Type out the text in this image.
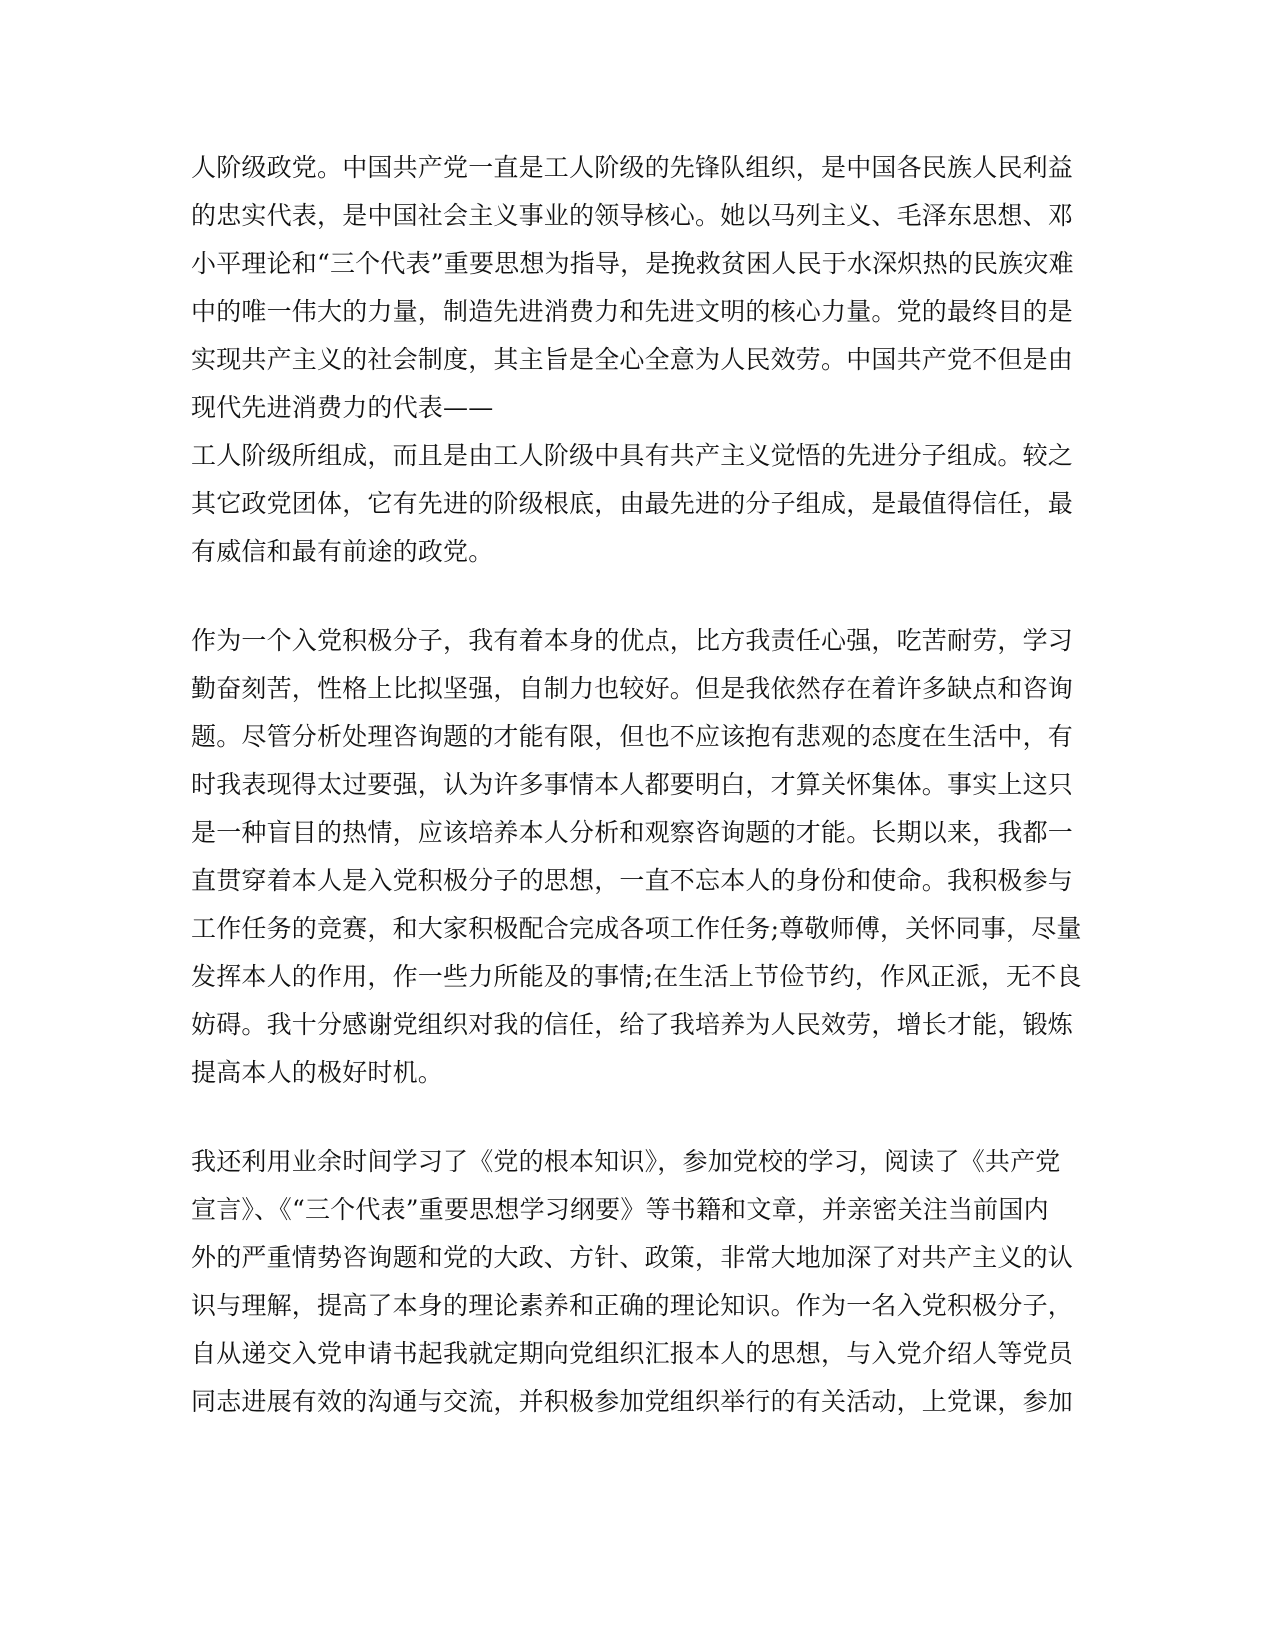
人阶级政党。中国共产党一直是工人阶级的先锋队组织，是中国各民族人民利益
的忠实代表，是中国社会主义事业的领导核心。她以马列主义、毛泽东思想、邓
小平理论和“三个代表”重要思想为指导，是挽救贫困人民于水深炽热的民族灾难
中的唯一伟大的力量，制造先进消费力和先进文明的核心力量。党的最终目的是
实现共产主义的社会制度，其主旨是全心全意为人民效劳。中国共产党不但是由
现代先进消费力的代表——
工人阶级所组成，而且是由工人阶级中具有共产主义觉悟的先进分子组成。较之
其它政党团体，它有先进的阶级根底，由最先进的分子组成，是最值得信任，最
有威信和最有前途的政党。
作为一个入党积极分子，我有着本身的优点，比方我责任心强，吃苦耐劳，学习
勤奋刻苦，性格上比拟坚强，自制力也较好。但是我依然存在着许多缺点和咨询
题。尽管分析处理咨询题的才能有限，但也不应该抱有悲观的态度在生活中，有
时我表现得太过要强，认为许多事情本人都要明白，才算关怀集体。事实上这只
是一种盲目的热情，应该培养本人分析和观察咨询题的才能。长期以来，我都一
直贯穿着本人是入党积极分子的思想，一直不忘本人的身份和使命。我积极参与
工作任务的竞赛，和大家积极配合完成各项工作任务;尊敬师傅，关怀同事，尽量
发挥本人的作用，作一些力所能及的事情;在生活上节俭节约，作风正派，无不良
妨碍。我十分感谢党组织对我的信任，给了我培养为人民效劳，增长才能，锻炼
提高本人的极好时机。
我还利用业余时间学习了《党的根本知识》，参加党校的学习，阅读了《共产党
宣言》、《“三个代表”重要思想学习纲要》等书籍和文章，并亲密关注当前国内
外的严重情势咨询题和党的大政、方针、政策，非常大地加深了对共产主义的认
识与理解，提高了本身的理论素养和正确的理论知识。作为一名入党积极分子，
自从递交入党申请书起我就定期向党组织汇报本人的思想，与入党介绍人等党员
同志进展有效的沟通与交流，并积极参加党组织举行的有关活动，上党课，参加
